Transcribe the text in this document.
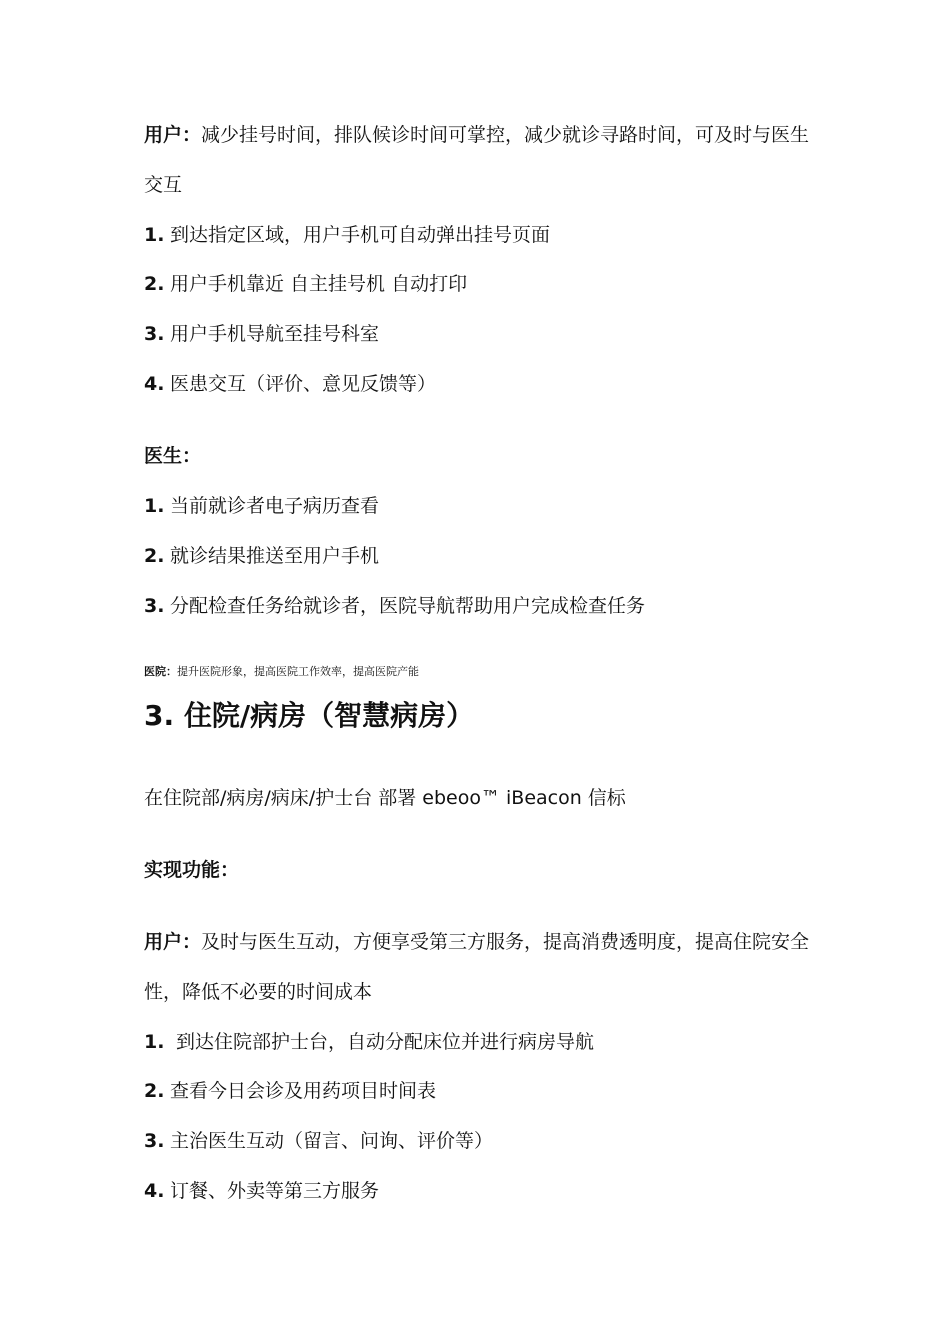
用户：减少挂号时间，排队候诊时间可掌控，减少就诊寻路时间，可及时与医生
交互
1. 到达指定区域，用户手机可自动弹出挂号页面
2. 用户手机靠近 自主挂号机 自动打印
3. 用户手机导航至挂号科室
4. 医患交互（评价、意见反馈等）
医生：
1. 当前就诊者电子病历查看
2. 就诊结果推送至用户手机
3. 分配检查任务给就诊者，医院导航帮助用户完成检查任务
医院：提升医院形象，提高医院工作效率，提高医院产能
3. 住院/病房（智慧病房）
在住院部/病房/病床/护士台 部署 ebeoo™ iBeacon 信标
实现功能：
用户：及时与医生互动，方便享受第三方服务，提高消费透明度，提高住院安全
性，降低不必要的时间成本
1. 到达住院部护士台，自动分配床位并进行病房导航
2. 查看今日会诊及用药项目时间表
3. 主治医生互动（留言、问询、评价等）
4. 订餐、外卖等第三方服务
